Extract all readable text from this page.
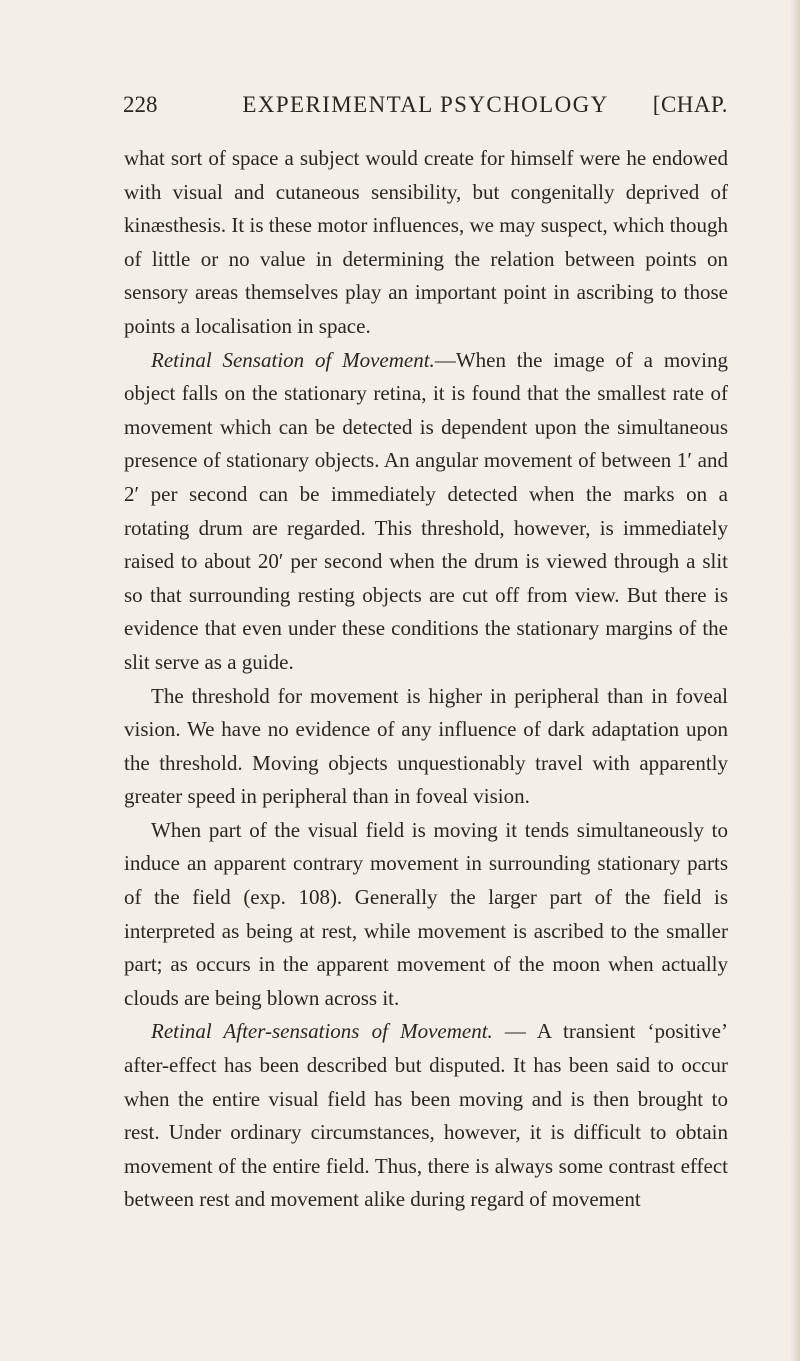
228	EXPERIMENTAL PSYCHOLOGY	[CHAP.

what sort of space a subject would create for himself were he endowed with visual and cutaneous sensibility, but congenitally deprived of kinæsthesis. It is these motor influences, we may suspect, which though of little or no value in determining the relation between points on sensory areas themselves play an important point in ascribing to those points a localisation in space.

Retinal Sensation of Movement.—When the image of a moving object falls on the stationary retina, it is found that the smallest rate of movement which can be detected is dependent upon the simultaneous presence of stationary objects. An angular movement of between 1′ and 2′ per second can be immediately detected when the marks on a rotating drum are regarded. This threshold, however, is immediately raised to about 20′ per second when the drum is viewed through a slit so that surrounding resting objects are cut off from view. But there is evidence that even under these conditions the stationary margins of the slit serve as a guide.

The threshold for movement is higher in peripheral than in foveal vision. We have no evidence of any influence of dark adaptation upon the threshold. Moving objects unquestionably travel with apparently greater speed in peripheral than in foveal vision.

When part of the visual field is moving it tends simultaneously to induce an apparent contrary movement in surrounding stationary parts of the field (exp. 108). Generally the larger part of the field is interpreted as being at rest, while movement is ascribed to the smaller part; as occurs in the apparent movement of the moon when actually clouds are being blown across it.

Retinal After-sensations of Movement. — A transient ‘positive’ after-effect has been described but disputed. It has been said to occur when the entire visual field has been moving and is then brought to rest. Under ordinary circumstances, however, it is difficult to obtain movement of the entire field. Thus, there is always some contrast effect between rest and movement alike during regard of movement
